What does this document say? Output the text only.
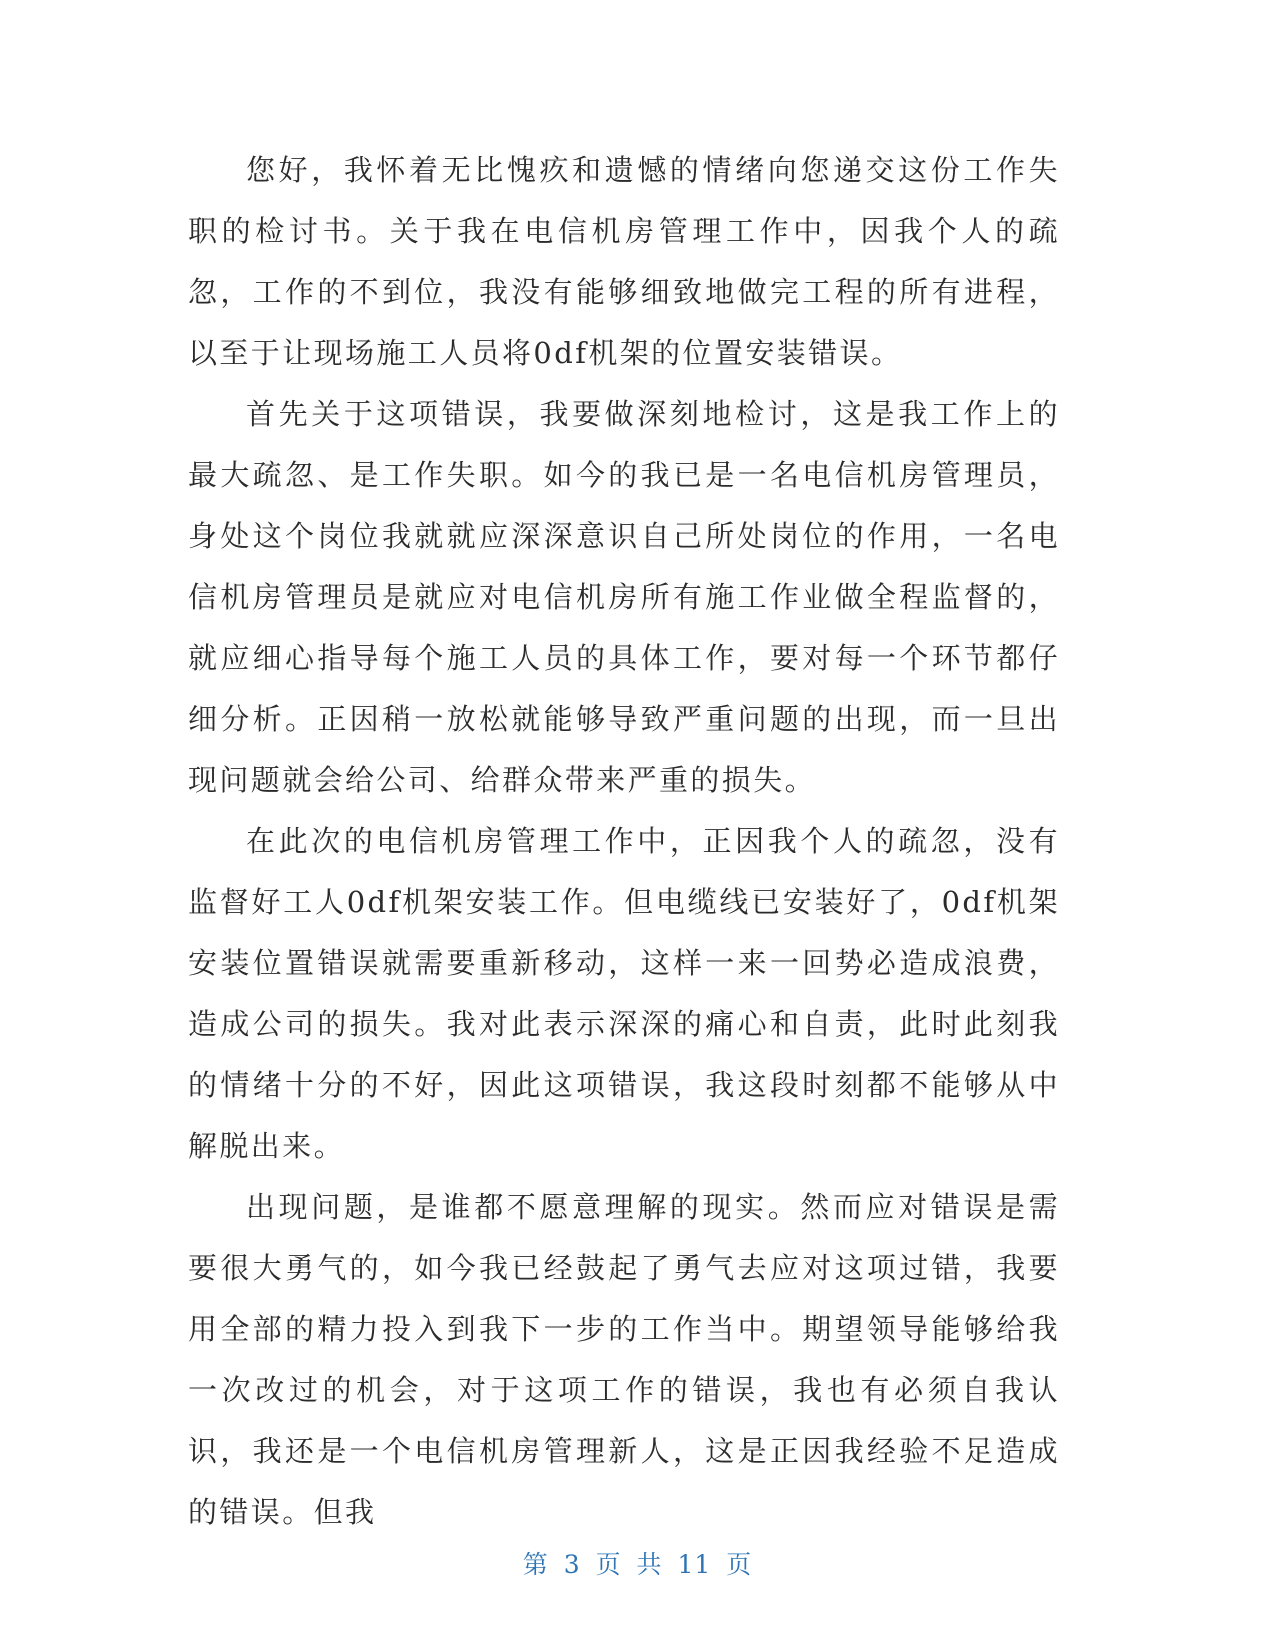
您好，我怀着无比愧疚和遗憾的情绪向您递交这份工作失职的检讨书。关于我在电信机房管理工作中，因我个人的疏忽，工作的不到位，我没有能够细致地做完工程的所有进程，以至于让现场施工人员将0df机架的位置安装错误。

首先关于这项错误，我要做深刻地检讨，这是我工作上的最大疏忽、是工作失职。如今的我已是一名电信机房管理员，身处这个岗位我就就应深深意识自己所处岗位的作用，一名电信机房管理员是就应对电信机房所有施工作业做全程监督的，就应细心指导每个施工人员的具体工作，要对每一个环节都仔细分析。正因稍一放松就能够导致严重问题的出现，而一旦出现问题就会给公司、给群众带来严重的损失。

在此次的电信机房管理工作中，正因我个人的疏忽，没有监督好工人0df机架安装工作。但电缆线已安装好了，0df机架安装位置错误就需要重新移动，这样一来一回势必造成浪费，造成公司的损失。我对此表示深深的痛心和自责，此时此刻我的情绪十分的不好，因此这项错误，我这段时刻都不能够从中解脱出来。

出现问题，是谁都不愿意理解的现实。然而应对错误是需要很大勇气的，如今我已经鼓起了勇气去应对这项过错，我要用全部的精力投入到我下一步的工作当中。期望领导能够给我一次改过的机会，对于这项工作的错误，我也有必须自我认识，我还是一个电信机房管理新人，这是正因我经验不足造成的错误。但我

第 3 页 共 11 页
